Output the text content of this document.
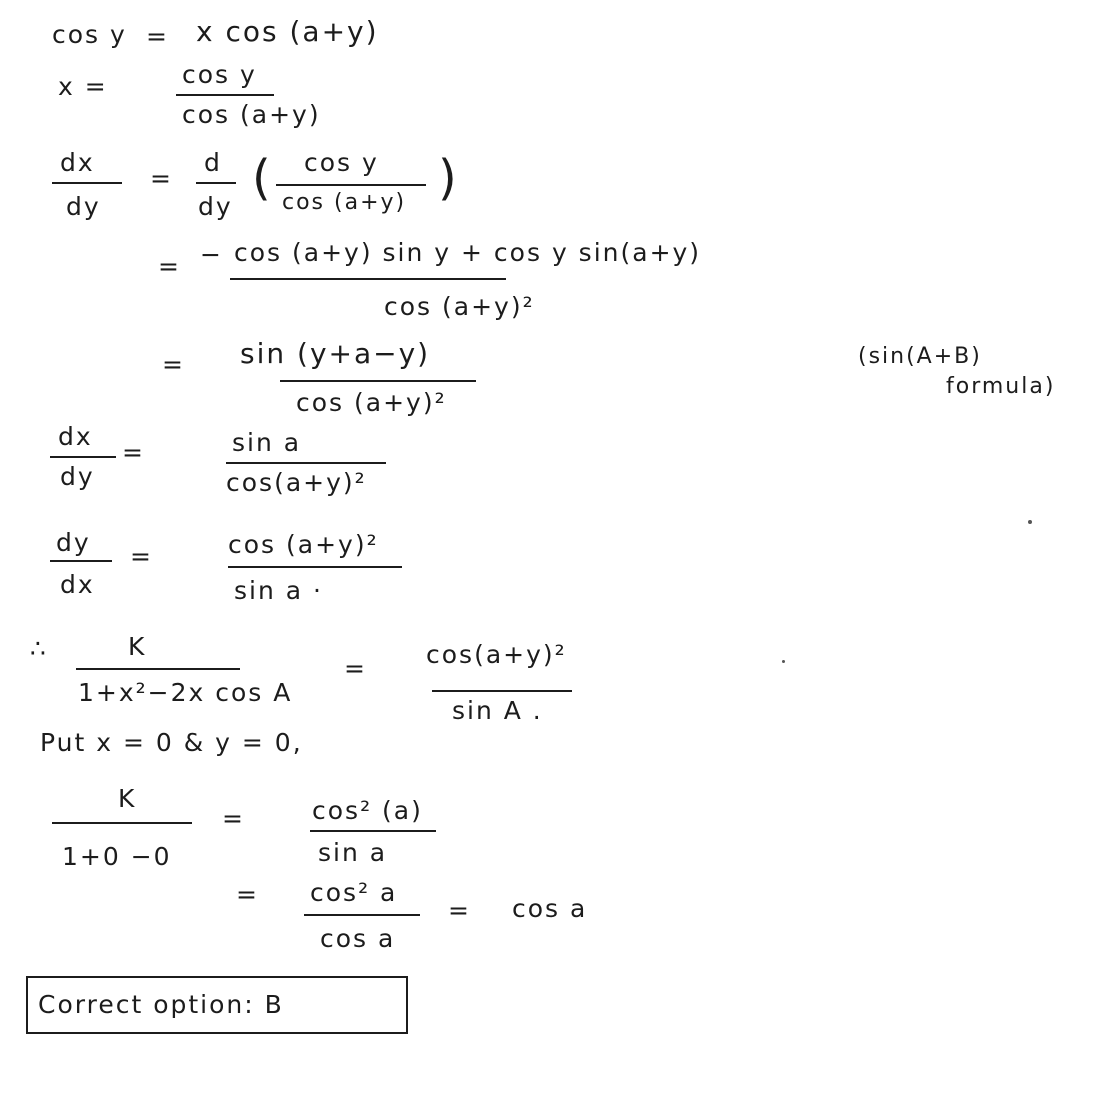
cos y = x cos (a+y)
x =	cos y
cos (a+y)
dx
dy
=
d
dy
( cos y
cos (a+y) )
= − cos (a+y) sin y + cos y sin(a+y)
cos (a+y)²
= sin (y+a−y)
cos (a+y)²
(sin(A+B)
formula)
dx
dy
=	sin a
cos(a+y)²
dy
dx
=	cos (a+y)²
sin a ·
∴	K
1+x²−2x cos A
= cos(a+y)²
sin A .
Put x = 0 & y = 0,
K
1+0 −0
=	cos² (a)
sin a
= cos² a
cos a
= cos a
Correct option: B
